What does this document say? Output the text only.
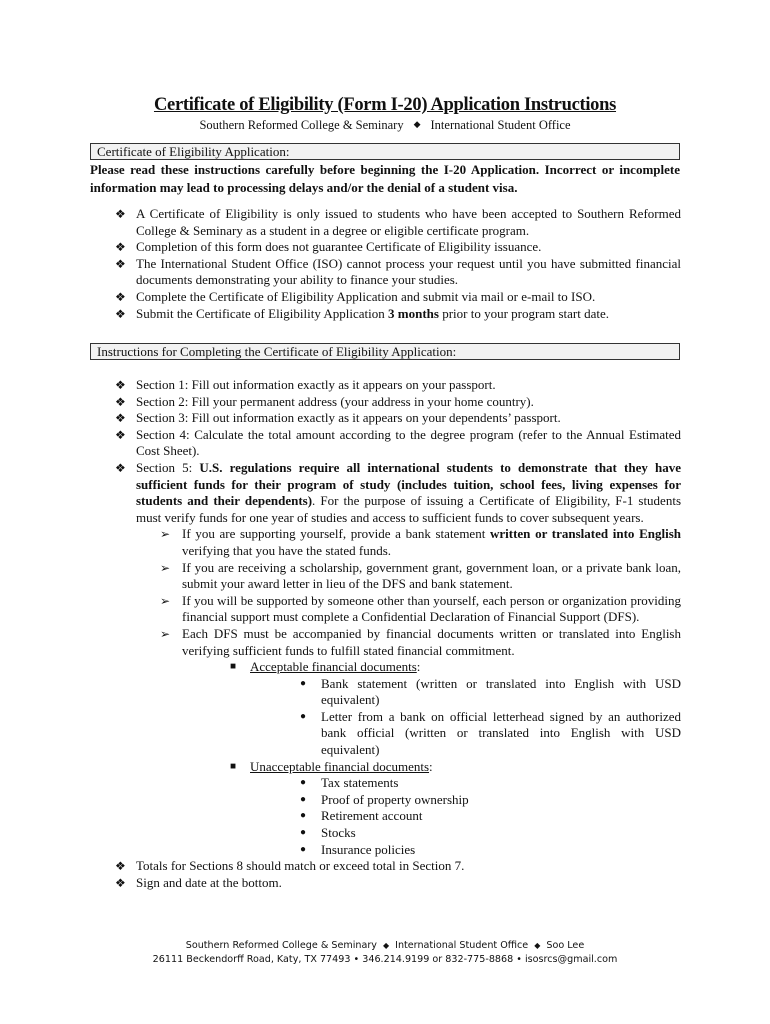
Certificate of Eligibility (Form I-20) Application Instructions
Southern Reformed College & Seminary ◆ International Student Office
Certificate of Eligibility Application:
Please read these instructions carefully before beginning the I-20 Application. Incorrect or incomplete information may lead to processing delays and/or the denial of a student visa.
❖ A Certificate of Eligibility is only issued to students who have been accepted to Southern Reformed College & Seminary as a student in a degree or eligible certificate program.
❖ Completion of this form does not guarantee Certificate of Eligibility issuance.
❖ The International Student Office (ISO) cannot process your request until you have submitted financial documents demonstrating your ability to finance your studies.
❖ Complete the Certificate of Eligibility Application and submit via mail or e-mail to ISO.
❖ Submit the Certificate of Eligibility Application 3 months prior to your program start date.
Instructions for Completing the Certificate of Eligibility Application:
❖ Section 1: Fill out information exactly as it appears on your passport.
❖ Section 2: Fill your permanent address (your address in your home country).
❖ Section 3: Fill out information exactly as it appears on your dependents’ passport.
❖ Section 4: Calculate the total amount according to the degree program (refer to the Annual Estimated Cost Sheet).
❖ Section 5: U.S. regulations require all international students to demonstrate that they have sufficient funds for their program of study (includes tuition, school fees, living expenses for students and their dependents). For the purpose of issuing a Certificate of Eligibility, F-1 students must verify funds for one year of studies and access to sufficient funds to cover subsequent years.
➢ If you are supporting yourself, provide a bank statement written or translated into English verifying that you have the stated funds.
➢ If you are receiving a scholarship, government grant, government loan, or a private bank loan, submit your award letter in lieu of the DFS and bank statement.
➢ If you will be supported by someone other than yourself, each person or organization providing financial support must complete a Confidential Declaration of Financial Support (DFS).
➢ Each DFS must be accompanied by financial documents written or translated into English verifying sufficient funds to fulfill stated financial commitment.
■ Acceptable financial documents:
● Bank statement (written or translated into English with USD equivalent)
● Letter from a bank on official letterhead signed by an authorized bank official (written or translated into English with USD equivalent)
■ Unacceptable financial documents:
● Tax statements
● Proof of property ownership
● Retirement account
● Stocks
● Insurance policies
❖ Totals for Sections 8 should match or exceed total in Section 7.
❖ Sign and date at the bottom.
Southern Reformed College & Seminary ◆ International Student Office ◆ Soo Lee
26111 Beckendorff Road, Katy, TX 77493 • 346.214.9199 or 832-775-8868 • isosrcs@gmail.com
